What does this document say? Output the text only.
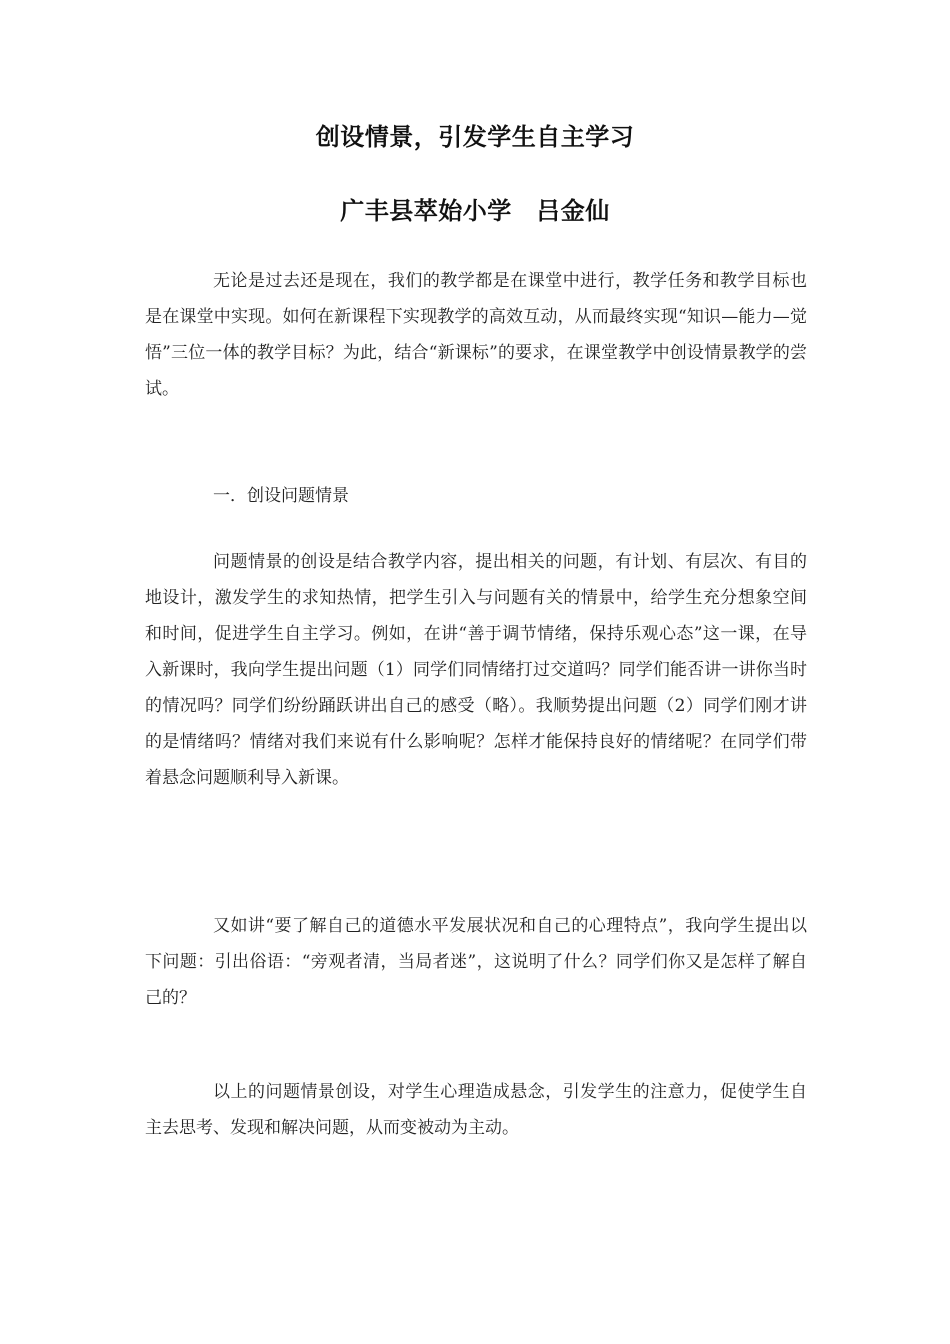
创设情景，引发学生自主学习
广丰县萃始小学　吕金仙

无论是过去还是现在，我们的教学都是在课堂中进行，教学任务和教学目标也是在课堂中实现。如何在新课程下实现教学的高效互动，从而最终实现“知识—能力—觉悟”三位一体的教学目标？为此，结合“新课标”的要求，在课堂教学中创设情景教学的尝试。

一．创设问题情景

问题情景的创设是结合教学内容，提出相关的问题，有计划、有层次、有目的地设计，激发学生的求知热情，把学生引入与问题有关的情景中，给学生充分想象空间和时间，促进学生自主学习。例如，在讲“善于调节情绪，保持乐观心态”这一课，在导入新课时，我向学生提出问题（1）同学们同情绪打过交道吗？同学们能否讲一讲你当时的情况吗？同学们纷纷踊跃讲出自己的感受（略）。我顺势提出问题（2）同学们刚才讲的是情绪吗？情绪对我们来说有什么影响呢？怎样才能保持良好的情绪呢？在同学们带着悬念问题顺利导入新课。

又如讲“要了解自己的道德水平发展状况和自己的心理特点”，我向学生提出以下问题：引出俗语：“旁观者清，当局者迷”，这说明了什么？同学们你又是怎样了解自己的？

以上的问题情景创设，对学生心理造成悬念，引发学生的注意力，促使学生自主去思考、发现和解决问题，从而变被动为主动。
